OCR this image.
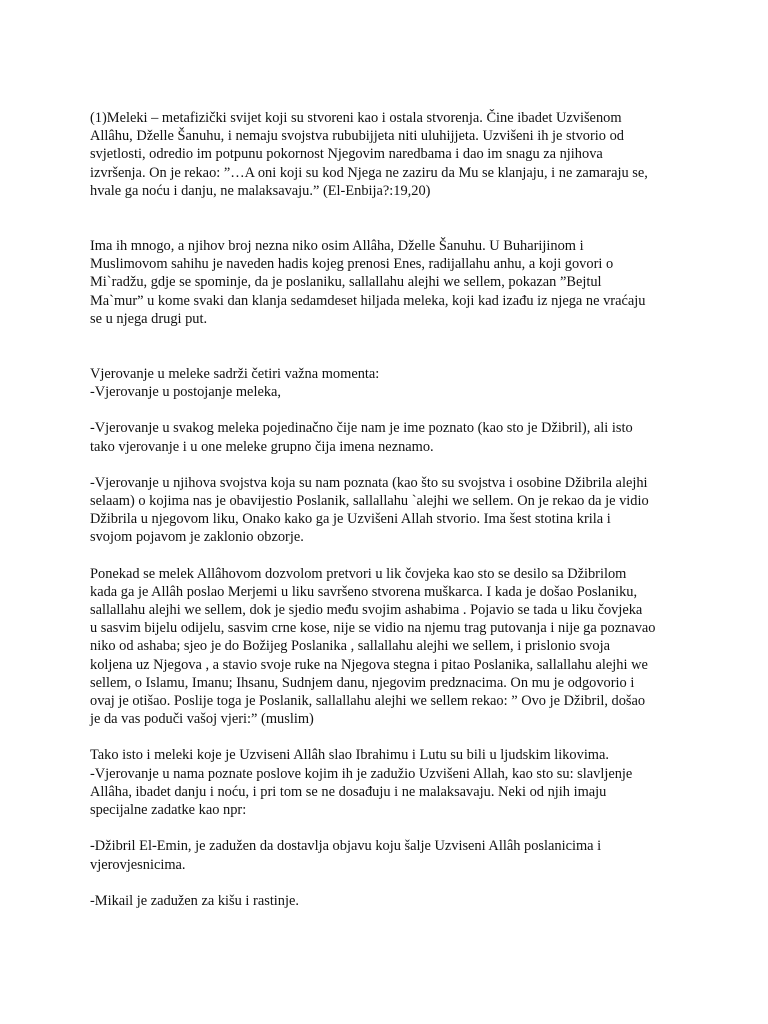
(1)Meleki – metafizički svijet koji su stvoreni kao i ostala stvorenja. Čine ibadet Uzvišenom
Allâhu, Dželle Šanuhu, i nemaju svojstva rububijjeta niti uluhijjeta. Uzvišeni ih je stvorio od
svjetlosti, odredio im potpunu pokornost Njegovim naredbama i dao im snagu za njihova
izvršenja. On je rekao: ”…A oni koji su kod Njega ne zaziru da Mu se klanjaju, i ne zamaraju se,
hvale ga noću i danju, ne malaksavaju.” (El-Enbija?:19,20)

Ima ih mnogo, a njihov broj nezna niko osim Allâha, Dželle Šanuhu. U Buharijinom i
Muslimovom sahihu je naveden hadis kojeg prenosi Enes, radijallahu anhu, a koji govori o
Mi`radžu, gdje se spominje, da je poslaniku, sallallahu alejhi we sellem, pokazan ”Bejtul
Ma`mur” u kome svaki dan klanja sedamdeset hiljada meleka, koji kad izađu iz njega ne vraćaju
se u njega drugi put.

Vjerovanje u meleke sadrži četiri važna momenta:
-Vjerovanje u postojanje meleka,

-Vjerovanje u svakog meleka pojedinačno čije nam je ime poznato (kao sto je Džibril), ali isto
tako vjerovanje i u one meleke grupno čija imena neznamo.

-Vjerovanje u njihova svojstva koja su nam poznata (kao što su svojstva i osobine Džibrila alejhi
selaam) o kojima nas je obavijestio Poslanik, sallallahu `alejhi we sellem. On je rekao da je vidio
Džibrila u njegovom liku, Onako kako ga je Uzvišeni Allah stvorio. Ima šest stotina krila i
svojom pojavom je zaklonio obzorje.

Ponekad se melek Allâhovom dozvolom pretvori u lik čovjeka kao sto se desilo sa Džibrilom
kada ga je Allâh poslao Merjemi u liku savršeno stvorena muškarca. I kada je došao Poslaniku,
sallallahu alejhi we sellem, dok je sjedio među svojim ashabima . Pojavio se tada u liku čovjeka
u sasvim bijelu odijelu, sasvim crne kose, nije se vidio na njemu trag putovanja i nije ga poznavao
niko od ashaba; sjeo je do Božijeg Poslanika , sallallahu alejhi we sellem, i prislonio svoja
koljena uz Njegova , a stavio svoje ruke na Njegova stegna i pitao Poslanika, sallallahu alejhi we
sellem, o Islamu, Imanu; Ihsanu, Sudnjem danu, njegovim predznacima. On mu je odgovorio i
ovaj je otišao. Poslije toga je Poslanik, sallallahu alejhi we sellem rekao: ” Ovo je Džibril, došao
je da vas poduči vašoj vjeri:” (muslim)

Tako isto i meleki koje je Uzviseni Allâh slao Ibrahimu i Lutu su bili u ljudskim likovima.
-Vjerovanje u nama poznate poslove kojim ih je zadužio Uzvišeni Allah, kao sto su: slavljenje
Allâha, ibadet danju i noću, i pri tom se ne dosađuju i ne malaksavaju. Neki od njih imaju
specijalne zadatke kao npr:

-Džibril El-Emin, je zadužen da dostavlja objavu koju šalje Uzviseni Allâh poslanicima i
vjerovjesnicima.

-Mikail je zadužen za kišu i rastinje.
